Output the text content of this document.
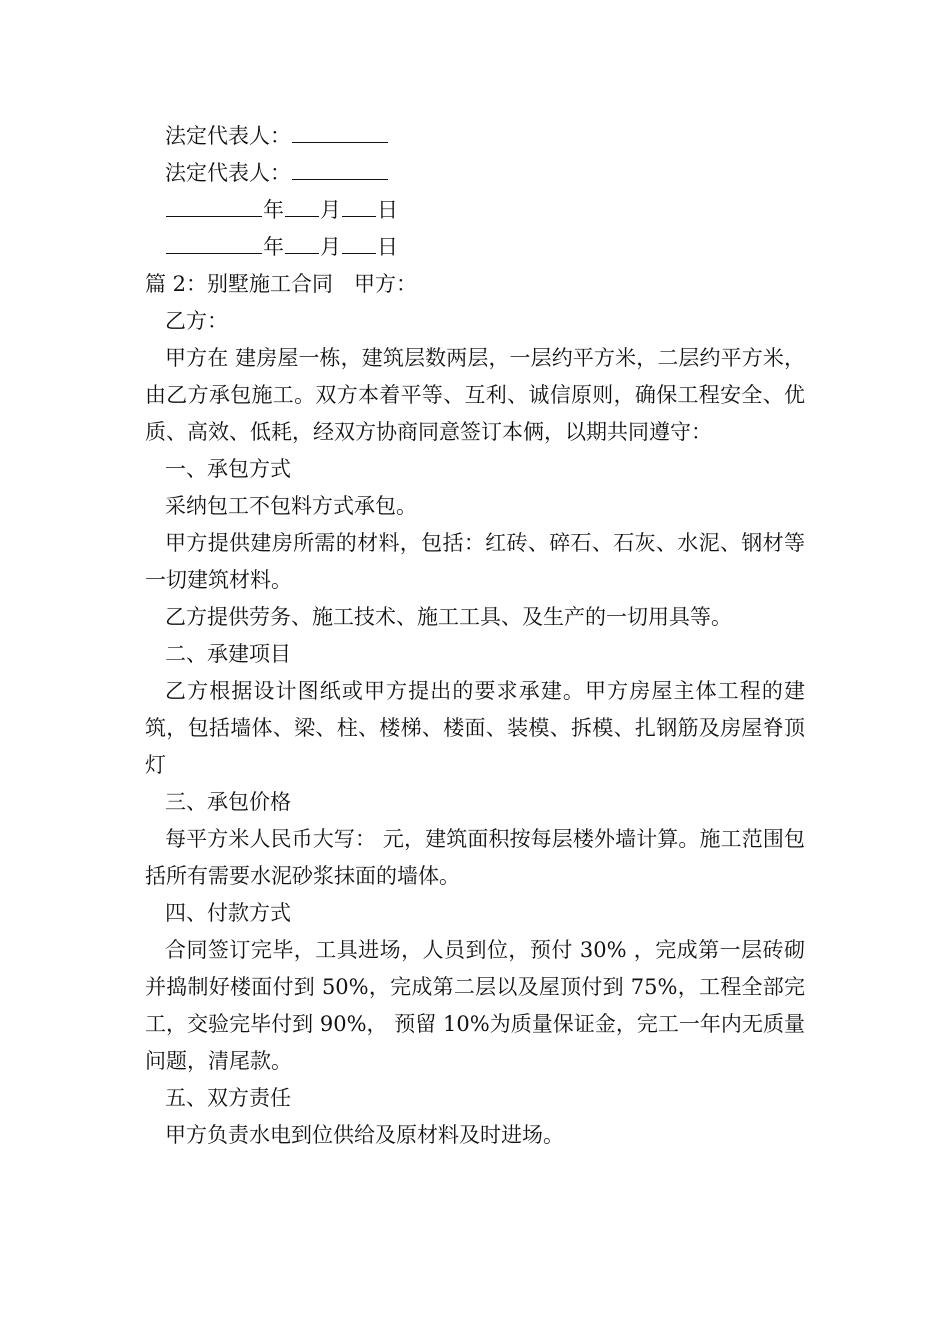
法定代表人：
法定代表人：
年 月 日
年 月 日
篇 2：别墅施工合同　甲方：
乙方：
甲方在 建房屋一栋，建筑层数两层，一层约平方米，二层约平方米，由乙方承包施工。双方本着平等、互利、诚信原则，确保工程安全、优质、高效、低耗，经双方协商同意签订本俩，以期共同遵守：
一、承包方式
采纳包工不包料方式承包。
甲方提供建房所需的材料，包括：红砖、碎石、石灰、水泥、钢材等一切建筑材料。
乙方提供劳务、施工技术、施工工具、及生产的一切用具等。
二、承建项目
乙方根据设计图纸或甲方提出的要求承建。甲方房屋主体工程的建筑，包括墙体、梁、柱、楼梯、楼面、装模、拆模、扎钢筋及房屋脊顶灯
三、承包价格
每平方米人民币大写： 元，建筑面积按每层楼外墙计算。施工范围包括所有需要水泥砂浆抹面的墙体。
四、付款方式
合同签订完毕，工具进场，人员到位，预付 30% ，完成第一层砖砌并捣制好楼面付到 50%，完成第二层以及屋顶付到 75%，工程全部完工，交验完毕付到 90%， 预留 10%为质量保证金，完工一年内无质量问题，清尾款。
五、双方责任
甲方负责水电到位供给及原材料及时进场。
